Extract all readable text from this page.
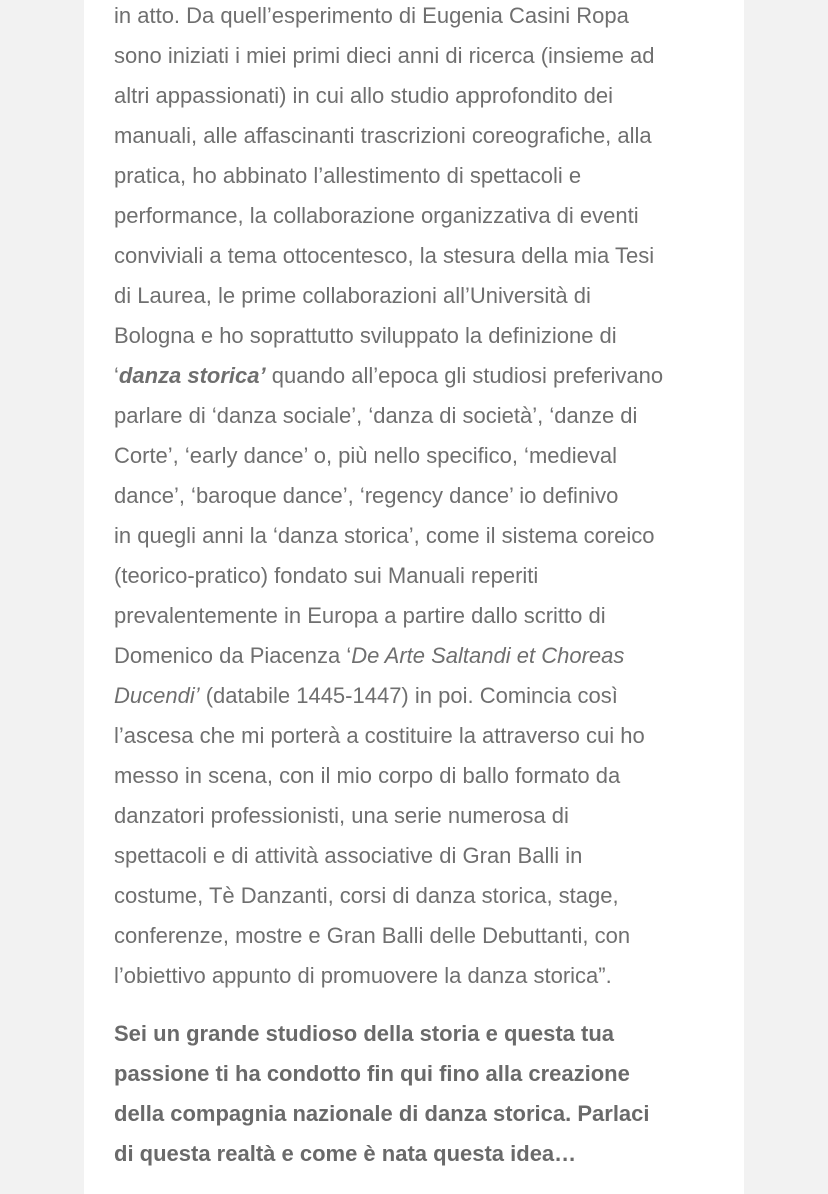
in atto. Da quell’esperimento di Eugenia Casini Ropa
sono iniziati i miei primi dieci anni di ricerca (insieme ad
altri appassionati) in cui allo studio approfondito dei
manuali, alle affascinanti trascrizioni coreografiche, alla
pratica, ho abbinato l’allestimento di spettacoli e
performance, la collaborazione organizzativa di eventi
conviviali a tema ottocentesco, la stesura della mia Tesi
di Laurea, le prime collaborazioni all’Università di
Bologna e ho soprattutto sviluppato la definizione di
‘danza storica’ quando all’epoca gli studiosi preferivano
parlare di ‘danza sociale’, ‘danza di società’, ‘danze di
Corte’, ‘early dance’ o, più nello specifico, ‘medieval
dance’, ‘baroque dance’, ‘regency dance’ io definivo
in quegli anni la ‘danza storica’, come il sistema coreico
(teorico-pratico) fondato sui Manuali reperiti
prevalentemente in Europa a partire dallo scritto di
Domenico da Piacenza ‘De Arte Saltandi et Choreas
Ducendi’ (databile 1445-1447) in poi. Comincia così
l’ascesa che mi porterà a costituire la attraverso cui ho
messo in scena, con il mio corpo di ballo formato da
danzatori professionisti, una serie numerosa di
spettacoli e di attività associative di Gran Balli in
costume, Tè Danzanti, corsi di danza storica, stage,
conferenze, mostre e Gran Balli delle Debuttanti, con
l’obiettivo appunto di promuovere la danza storica”.
Sei un grande studioso della storia e questa tua
passione ti ha condotto fin qui fino alla creazione
della compagnia nazionale di danza storica. Parlaci
di questa realtà e come è nata questa idea…
